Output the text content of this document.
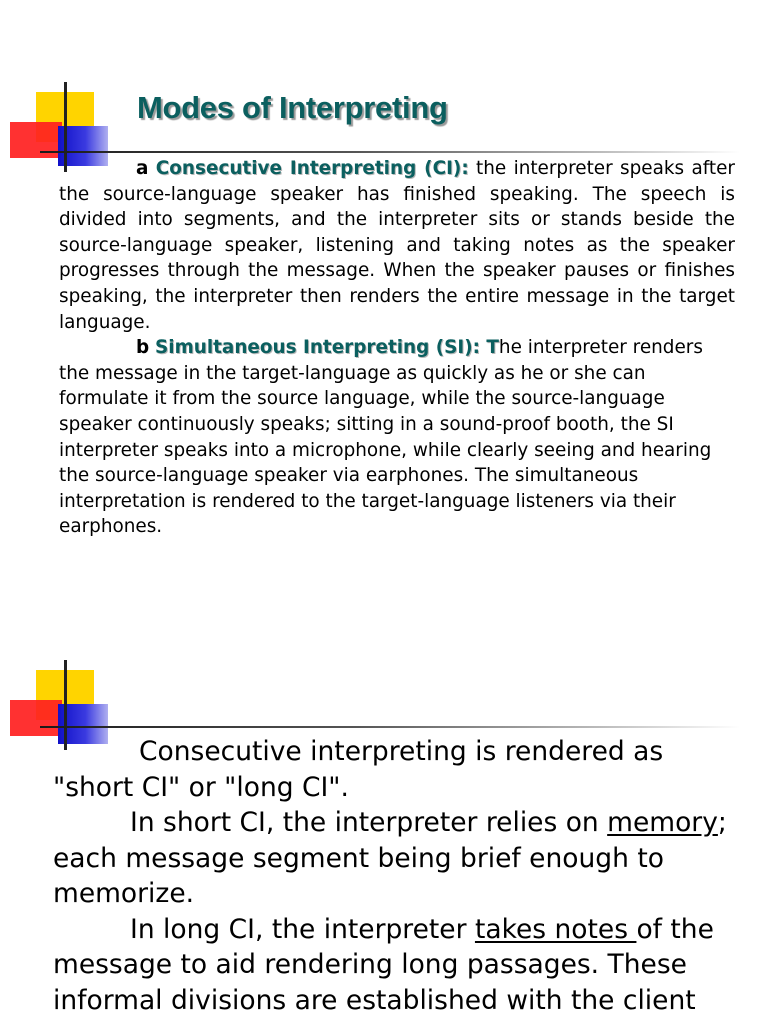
Modes of Interpreting

a Consecutive Interpreting (CI): the interpreter speaks after the source-language speaker has finished speaking. The speech is divided into segments, and the interpreter sits or stands beside the source-language speaker, listening and taking notes as the speaker progresses through the message. When the speaker pauses or finishes speaking, the interpreter then renders the entire message in the target language.

b Simultaneous Interpreting (SI): The interpreter renders the message in the target-language as quickly as he or she can formulate it from the source language, while the source-language speaker continuously speaks; sitting in a sound-proof booth, the SI interpreter speaks into a microphone, while clearly seeing and hearing the source-language speaker via earphones. The simultaneous interpretation is rendered to the target-language listeners via their earphones.

Consecutive interpreting is rendered as "short CI" or "long CI".

In short CI, the interpreter relies on memory; each message segment being brief enough to memorize.

In long CI, the interpreter takes notes of the message to aid rendering long passages. These informal divisions are established with the client
